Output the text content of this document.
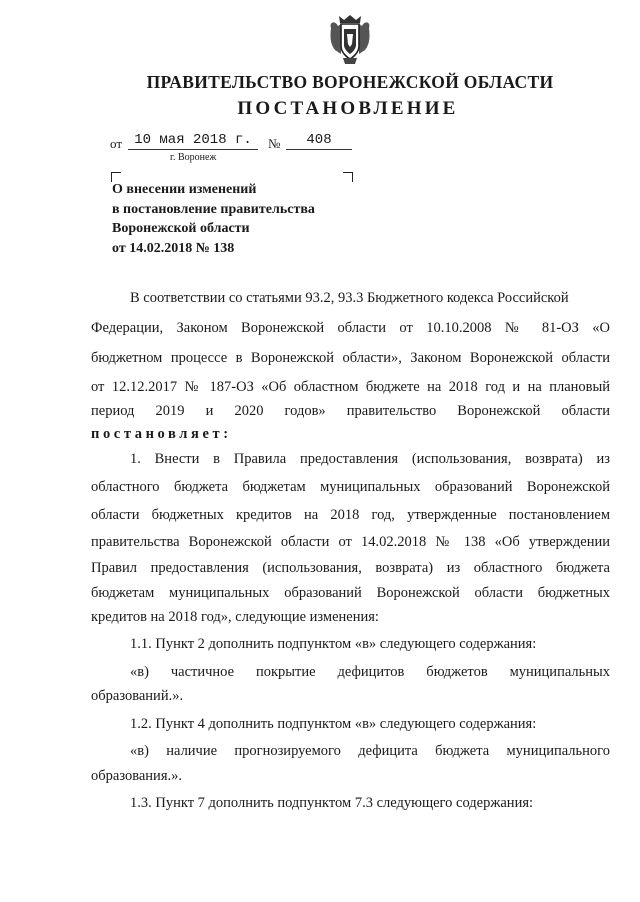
ПРАВИТЕЛЬСТВО ВОРОНЕЖСКОЙ ОБЛАСТИ
ПОСТАНОВЛЕНИЕ
от 10 мая 2018 г.	№	408
г. Воронеж
О внесении изменений
в постановление правительства
Воронежской области
от 14.02.2018 № 138
В соответствии со статьями 93.2, 93.3 Бюджетного кодекса Российской
Федерации, Законом Воронежской области от 10.10.2008 № 81-ОЗ «О
бюджетном процессе в Воронежской области», Законом Воронежской области
от 12.12.2017 № 187-ОЗ «Об областном бюджете на 2018 год и на плановый
период 2019 и 2020 годов» правительство Воронежской области
постановляет:
1. Внести в Правила предоставления (использования, возврата) из
областного бюджета бюджетам муниципальных образований Воронежской
области бюджетных кредитов на 2018 год, утвержденные постановлением
правительства Воронежской области от 14.02.2018 № 138 «Об утверждении
Правил предоставления (использования, возврата) из областного бюджета
бюджетам муниципальных образований Воронежской области бюджетных
кредитов на 2018 год», следующие изменения:
1.1. Пункт 2 дополнить подпунктом «в» следующего содержания:
«в) частичное покрытие дефицитов бюджетов муниципальных
образований.».
1.2. Пункт 4 дополнить подпунктом «в» следующего содержания:
«в) наличие прогнозируемого дефицита бюджета муниципального
образования.».
1.3. Пункт 7 дополнить подпунктом 7.3 следующего содержания:
